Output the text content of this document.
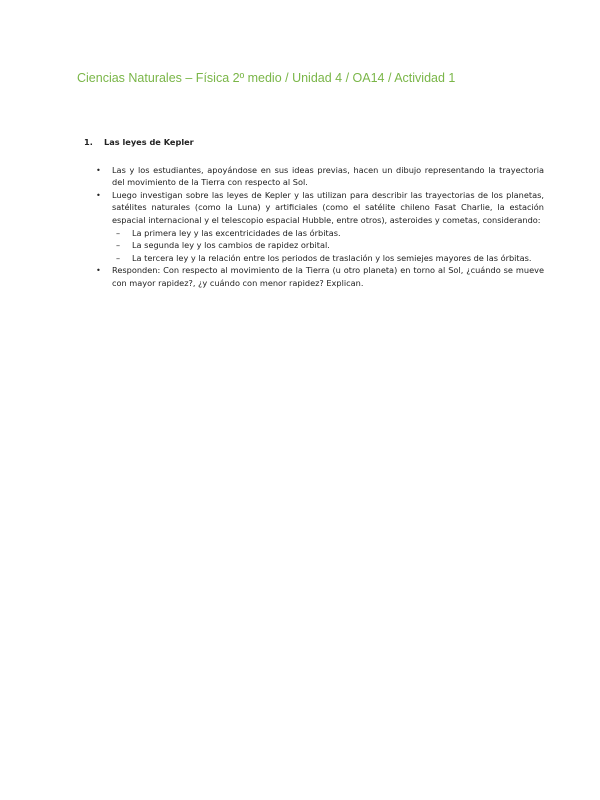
Ciencias Naturales – Física 2º medio / Unidad 4 / OA14 / Actividad 1
1.	Las leyes de Kepler
• Las y los estudiantes, apoyándose en sus ideas previas, hacen un dibujo representando la trayectoria del movimiento de la Tierra con respecto al Sol.
• Luego investigan sobre las leyes de Kepler y las utilizan para describir las trayectorias de los planetas, satélites naturales (como la Luna) y artificiales (como el satélite chileno Fasat Charlie, la estación espacial internacional y el telescopio espacial Hubble, entre otros), asteroides y cometas, considerando:
– La primera ley y las excentricidades de las órbitas.
– La segunda ley y los cambios de rapidez orbital.
– La tercera ley y la relación entre los periodos de traslación y los semiejes mayores de las órbitas.
• Responden: Con respecto al movimiento de la Tierra (u otro planeta) en torno al Sol, ¿cuándo se mueve con mayor rapidez?, ¿y cuándo con menor rapidez? Explican.
